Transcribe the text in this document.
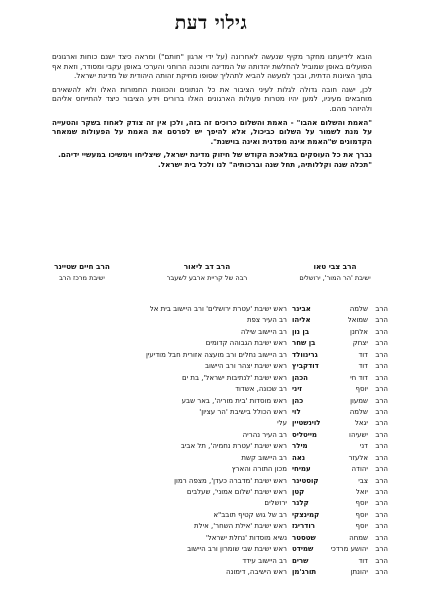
גילוי דעת

הובא לידיעתנו מחקר מקיף שנעשה לאחרונה (על ידי ארגון "חותם") ומראה כיצד ישנם כוחות וארגונים הפועלים באופן שמוביל להחלשת יהדותה של המדינה ותוכנה הרוחני והערכי באופן עקבי ומסודר, וזאת אף בתוך הציונות הדתית, ובכך למעשה להביא לתהליך שסופו מחיקת זהותה היהודית של מדינת ישראל.

לכן, ישנה חובה גדולה לגלות לעיני הציבור את כל הנתונים והכוונות החמורות האלו ולא להשאירם מוחבאים מעיניו, למען יהיו מטרות פעולות הארגונים האלו ברורים וידע הציבור כיצד להתייחס אליהם ולהיזהר מהם.

"האמת והשלום אהבו" - האמת והשלום כרוכים זה בזה, ולכן אין זה צודק לאחוז בשקר והטעייה על מנת לשמור על השלום כביכול, אלא להיפך יש לפרסם את האמת על הפעולות שמאחר הקדמונים ש"האמת אינה מפדנית ואינה בוישנת".

נברך את כל העוסקים במלאכת הקודש של חיזוק מדינת ישראל, שיצליחו וימשיכו במעשיי ידיהם.

"תכלה שנה וקללותיה, תחל שנה וברכותיה" לנו ולכל בית ישראל.

הרב צבי טאו
ישיבת 'הר המור', ירושלים
הרב דב ליאור
רבה של קריית ארבע לשעבר
הרב חיים שטיינר
ישיבת מרכז הרב
הרב
שלמה
אבינר
ראש ישיבת 'עטרת ירושלים' ורב היישוב בית אל
הרב
שמואל
אליהו
רב העיר צפת
הרב
אלחנן
בן נון
רב היישוב שילה
הרב
יצחק
בן שחר
ראש ישיבת הגבוהה קדומים
הרב
דוד
גרינוולד
רב היישוב נחלים ורב מועצה אזורית חבל מודיעין
הרב
דוד
דודקביץ
ראש ישיבת יצהר ורב היישוב
הרב
דוד חי
הכהן
ראש ישיבת 'לנתיבות ישראל', בת ים
הרב
יוסף
זיני
רב שכונה, אשדוד
הרב
שמעון
כהן
ראש מוסדות 'בית מוריה', באר שבע
הרב
שלמה
לוי
ראש הכולל בישיבת 'הר עציון'
הרב
יגאל
לוינשטיין
עלי
הרב
ישעיהו
מייטליס
רב העיר נהריה
הרב
דני
מילר
ראש ישיבת 'עטרת נחמיה', תל אביב
הרב
אלעזר
נאה
רב היישוב קשת
הרב
יהודה
עמיחי
מכון התורה והארץ
הרב
צבי
קוסטינר
ראש ישיבת 'מדברה כעדן', מצפה רמון
הרב
יואל
קטן
ראש ישיבת 'שלום אמוני', שעלבים
הרב
יוסף
קלנר
ירושלים
הרב
יוסף
קמינצקי
רב של גוש קטיף תובב"א
הרב
יוסף
רודריגז
ראש ישיבת 'אילת השחר', אילת
הרב
שמחה
שטסטר
נשיא מוסדות 'נחלת ישראל'
הרב
יהושע מרדכי
שמידט
ראש ישיבת שבי שומרון ורב היישוב
הרב
דוד
שרים
רב היישוב עידד
הרב
יהונתן
תורג'מן
ראש הישיבה, דימונה
